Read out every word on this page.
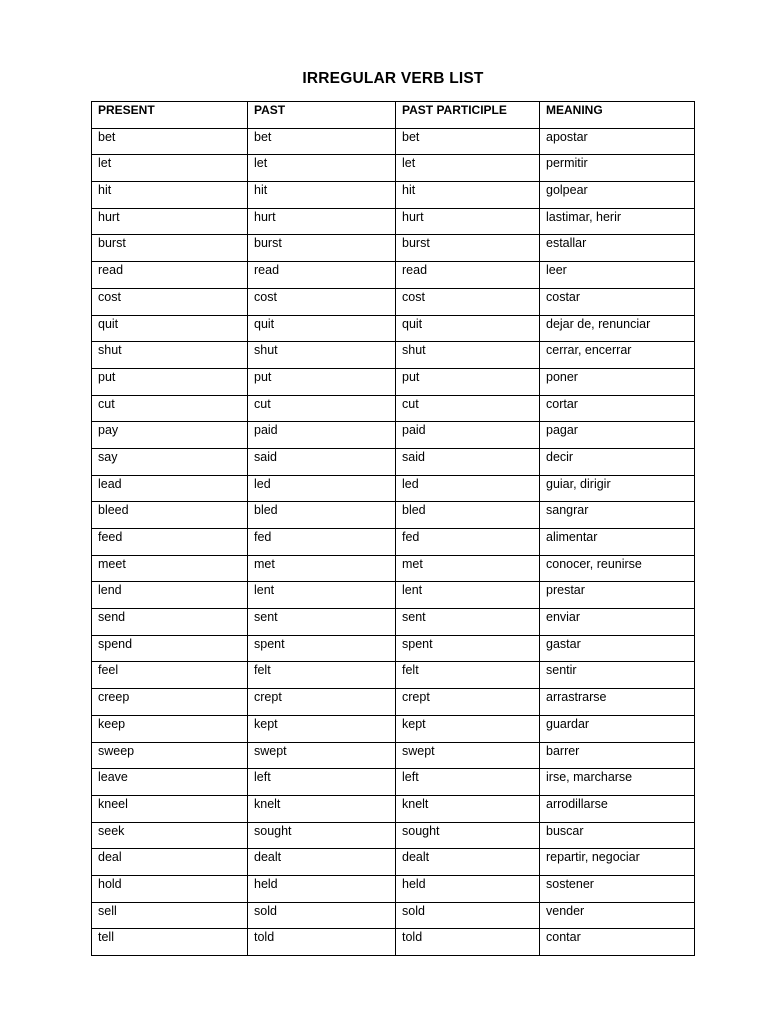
IRREGULAR VERB LIST
PRESENT	PAST	PAST PARTICIPLE	MEANING
bet	bet	bet	apostar
let	let	let	permitir
hit	hit	hit	golpear
hurt	hurt	hurt	lastimar, herir
burst	burst	burst	estallar
read	read	read	leer
cost	cost	cost	costar
quit	quit	quit	dejar de, renunciar
shut	shut	shut	cerrar, encerrar
put	put	put	poner
cut	cut	cut	cortar
pay	paid	paid	pagar
say	said	said	decir
lead	led	led	guiar, dirigir
bleed	bled	bled	sangrar
feed	fed	fed	alimentar
meet	met	met	conocer, reunirse
lend	lent	lent	prestar
send	sent	sent	enviar
spend	spent	spent	gastar
feel	felt	felt	sentir
creep	crept	crept	arrastrarse
keep	kept	kept	guardar
sweep	swept	swept	barrer
leave	left	left	irse, marcharse
kneel	knelt	knelt	arrodillarse
seek	sought	sought	buscar
deal	dealt	dealt	repartir, negociar
hold	held	held	sostener
sell	sold	sold	vender
tell	told	told	contar
